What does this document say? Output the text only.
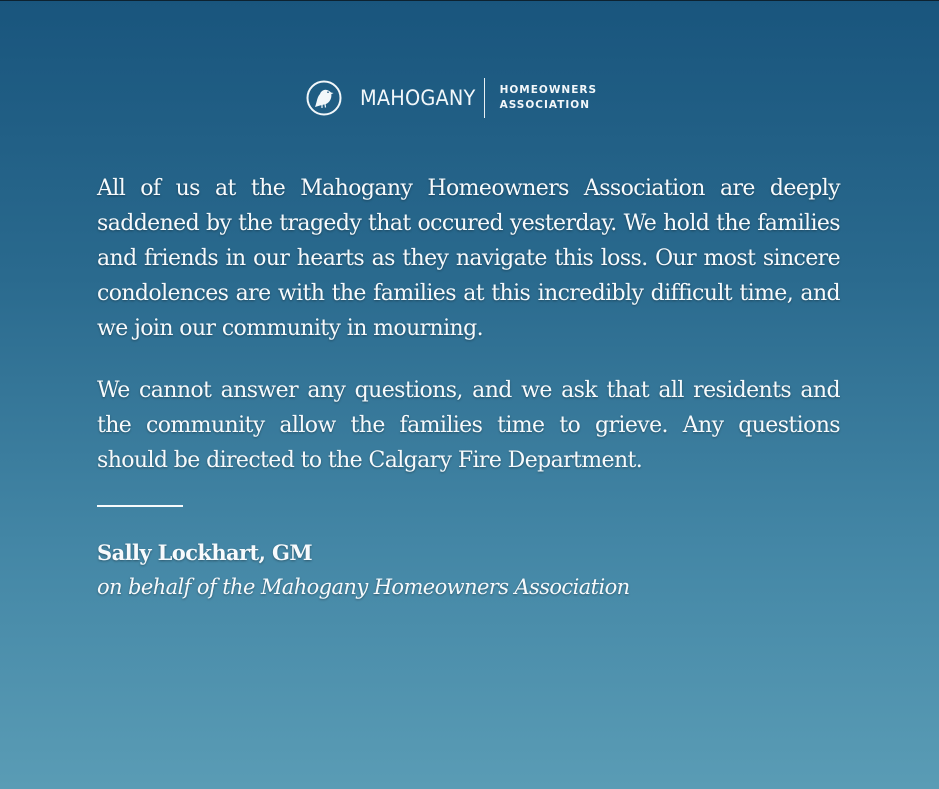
MAHOGANY HOMEOWNERS
ASSOCIATION

All of us at the Mahogany Homeowners Association are deeply saddened by the tragedy that occured yesterday. We hold the families and friends in our hearts as they navigate this loss. Our most sincere condolences are with the families at this incredibly difficult time, and we join our community in mourning.

We cannot answer any questions, and we ask that all residents and the community allow the families time to grieve. Any questions should be directed to the Calgary Fire Department.

Sally Lockhart, GM
on behalf of the Mahogany Homeowners Association
